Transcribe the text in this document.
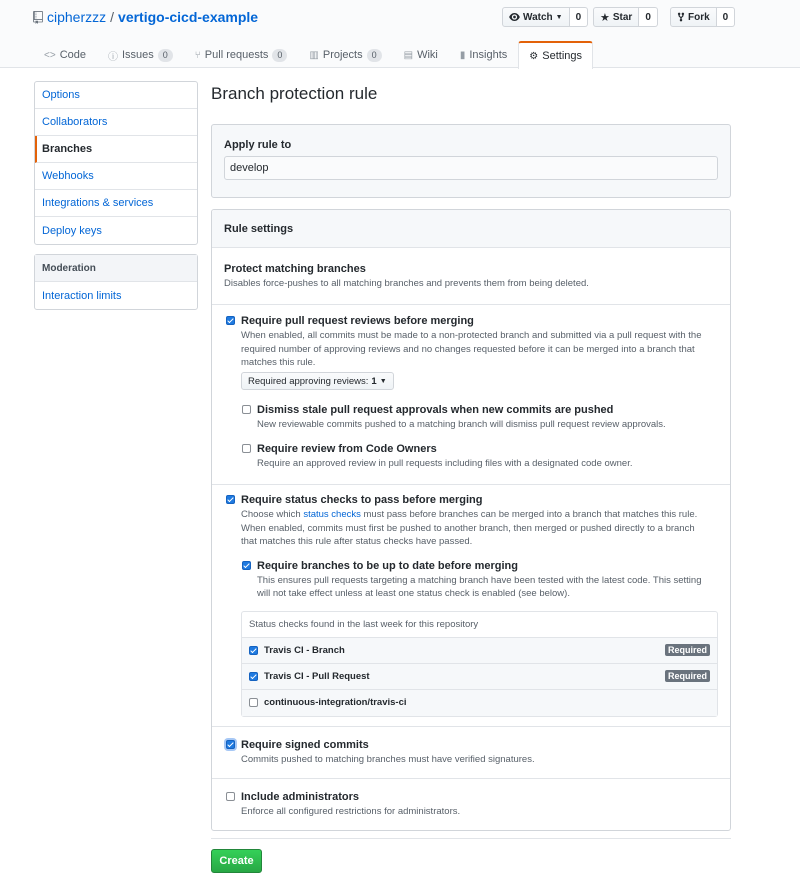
cipherzzz / vertigo-cicd-example	Watch ▼	0	★ Star	0	Fork	0
<> Code ⓘ Issues	0	⑂ Pull requests	0	▥ Projects	0	▤ Wiki ▮ Insights ⚙ Settings
Options
Collaborators
Branches
Webhooks
Integrations & services
Deploy keys
Moderation
Interaction limits
Branch protection rule
Apply rule to
develop
Rule settings
Protect matching branches
Disables force-pushes to all matching branches and prevents them from being deleted.
Require pull request reviews before merging
When enabled, all commits must be made to a non-protected branch and submitted via a pull request with the
required number of approving reviews and no changes requested before it can be merged into a branch that
matches this rule.
Required approving reviews: 1 ▼
Dismiss stale pull request approvals when new commits are pushed
New reviewable commits pushed to a matching branch will dismiss pull request review approvals.
Require review from Code Owners
Require an approved review in pull requests including files with a designated code owner.
Require status checks to pass before merging
Choose which status checks must pass before branches can be merged into a branch that matches this rule.
When enabled, commits must first be pushed to another branch, then merged or pushed directly to a branch
that matches this rule after status checks have passed.
Require branches to be up to date before merging
This ensures pull requests targeting a matching branch have been tested with the latest code. This setting
will not take effect unless at least one status check is enabled (see below).
Status checks found in the last week for this repository
Travis CI - Branch	Required
Travis CI - Pull Request	Required
continuous-integration/travis-ci
Require signed commits
Commits pushed to matching branches must have verified signatures.
Include administrators
Enforce all configured restrictions for administrators.
Create
